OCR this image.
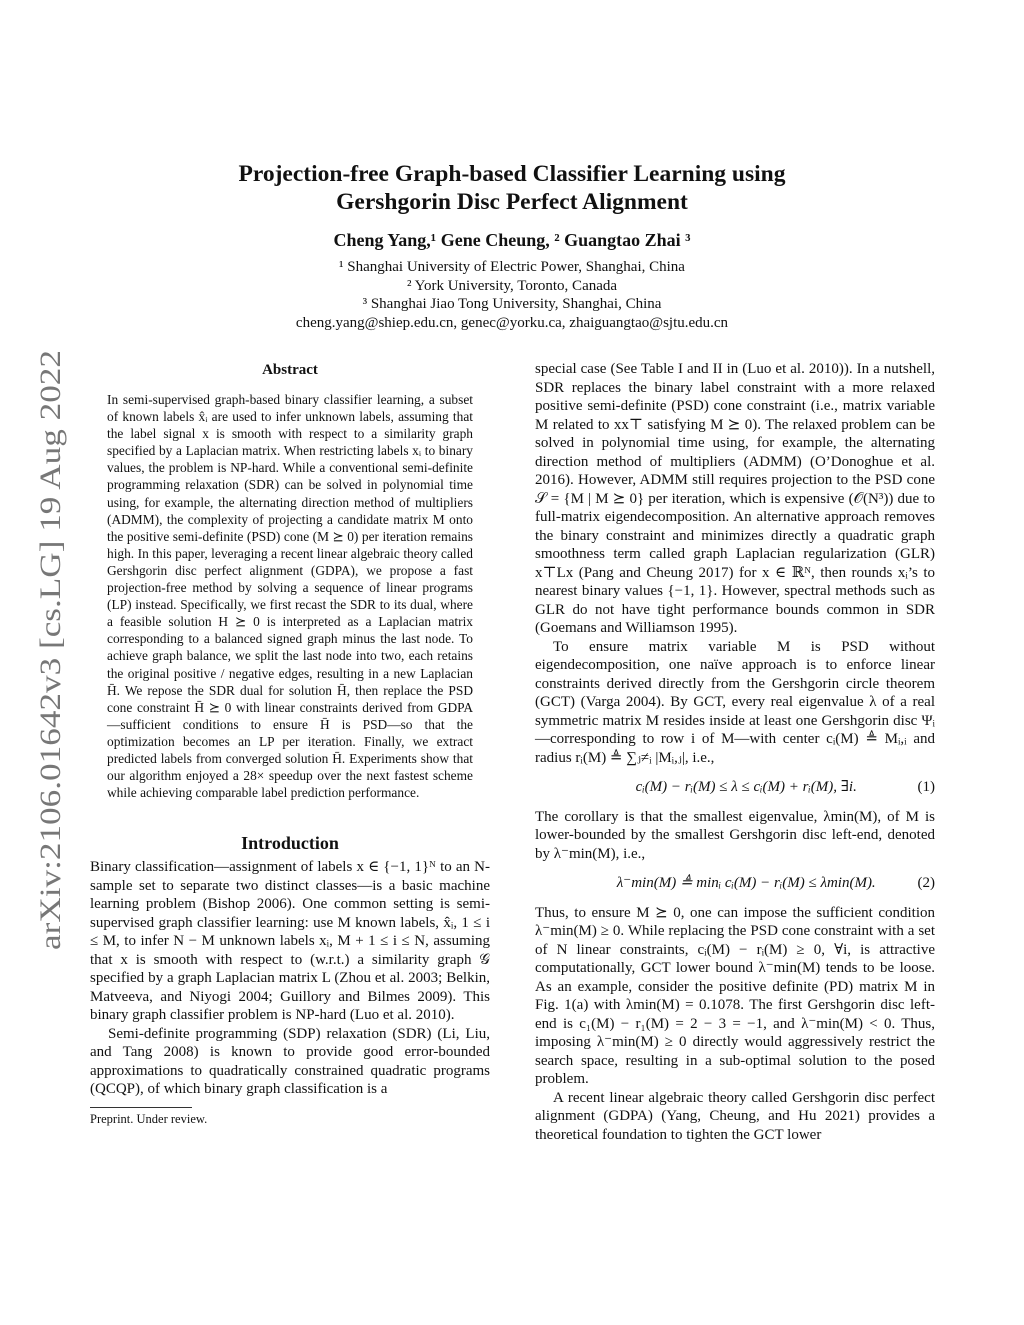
arXiv:2106.01642v3 [cs.LG] 19 Aug 2022
Projection-free Graph-based Classifier Learning using
Gershgorin Disc Perfect Alignment
Cheng Yang,¹ Gene Cheung, ² Guangtao Zhai ³
¹ Shanghai University of Electric Power, Shanghai, China
² York University, Toronto, Canada
³ Shanghai Jiao Tong University, Shanghai, China
cheng.yang@shiep.edu.cn, genec@yorku.ca, zhaiguangtao@sjtu.edu.cn
Abstract

In semi-supervised graph-based binary classifier learning, a subset of known labels x̂ᵢ are used to infer unknown labels, assuming that the label signal x is smooth with respect to a similarity graph specified by a Laplacian matrix. When restricting labels xᵢ to binary values, the problem is NP-hard. While a conventional semi-definite programming relaxation (SDR) can be solved in polynomial time using, for example, the alternating direction method of multipliers (ADMM), the complexity of projecting a candidate matrix M onto the positive semi-definite (PSD) cone (M ⪰ 0) per iteration remains high. In this paper, leveraging a recent linear algebraic theory called Gershgorin disc perfect alignment (GDPA), we propose a fast projection-free method by solving a sequence of linear programs (LP) instead. Specifically, we first recast the SDR to its dual, where a feasible solution H ⪰ 0 is interpreted as a Laplacian matrix corresponding to a balanced signed graph minus the last node. To achieve graph balance, we split the last node into two, each retains the original positive / negative edges, resulting in a new Laplacian H̄. We repose the SDR dual for solution H̄, then replace the PSD cone constraint H̄ ⪰ 0 with linear constraints derived from GDPA—sufficient conditions to ensure H̄ is PSD—so that the optimization becomes an LP per iteration. Finally, we extract predicted labels from converged solution H̄. Experiments show that our algorithm enjoyed a 28× speedup over the next fastest scheme while achieving comparable label prediction performance.

Introduction

Binary classification—assignment of labels x ∈ {−1, 1}ᴺ to an N-sample set to separate two distinct classes—is a basic machine learning problem (Bishop 2006). One common setting is semi-supervised graph classifier learning: use M known labels, x̂ᵢ, 1 ≤ i ≤ M, to infer N − M unknown labels xᵢ, M + 1 ≤ i ≤ N, assuming that x is smooth with respect to (w.r.t.) a similarity graph 𝒢 specified by a graph Laplacian matrix L (Zhou et al. 2003; Belkin, Matveeva, and Niyogi 2004; Guillory and Bilmes 2009). This binary graph classifier problem is NP-hard (Luo et al. 2010).

Semi-definite programming (SDP) relaxation (SDR) (Li, Liu, and Tang 2008) is known to provide good error-bounded approximations to quadratically constrained quadratic programs (QCQP), of which binary graph classification is a

Preprint. Under review.

special case (See Table I and II in (Luo et al. 2010)). In a nutshell, SDR replaces the binary label constraint with a more relaxed positive semi-definite (PSD) cone constraint (i.e., matrix variable M related to xx⊤ satisfying M ⪰ 0). The relaxed problem can be solved in polynomial time using, for example, the alternating direction method of multipliers (ADMM) (O’Donoghue et al. 2016). However, ADMM still requires projection to the PSD cone 𝒮 = {M | M ⪰ 0} per iteration, which is expensive (𝒪(N³)) due to full-matrix eigendecomposition. An alternative approach removes the binary constraint and minimizes directly a quadratic graph smoothness term called graph Laplacian regularization (GLR) x⊤Lx (Pang and Cheung 2017) for x ∈ ℝᴺ, then rounds xᵢ’s to nearest binary values {−1, 1}. However, spectral methods such as GLR do not have tight performance bounds common in SDR (Goemans and Williamson 1995).

To ensure matrix variable M is PSD without eigendecomposition, one naïve approach is to enforce linear constraints derived directly from the Gershgorin circle theorem (GCT) (Varga 2004). By GCT, every real eigenvalue λ of a real symmetric matrix M resides inside at least one Gershgorin disc Ψᵢ—corresponding to row i of M—with center cᵢ(M) ≜ Mᵢ,ᵢ and radius rᵢ(M) ≜ ∑ⱼ≠ᵢ |Mᵢ,ⱼ|, i.e.,

cᵢ(M) − rᵢ(M) ≤ λ ≤ cᵢ(M) + rᵢ(M), ∃i.	(1)

The corollary is that the smallest eigenvalue, λmin(M), of M is lower-bounded by the smallest Gershgorin disc left-end, denoted by λ⁻min(M), i.e.,

λ⁻min(M) ≜ minᵢ cᵢ(M) − rᵢ(M) ≤ λmin(M).	(2)

Thus, to ensure M ⪰ 0, one can impose the sufficient condition λ⁻min(M) ≥ 0. While replacing the PSD cone constraint with a set of N linear constraints, cᵢ(M) − rᵢ(M) ≥ 0, ∀i, is attractive computationally, GCT lower bound λ⁻min(M) tends to be loose. As an example, consider the positive definite (PD) matrix M in Fig. 1(a) with λmin(M) = 0.1078. The first Gershgorin disc left-end is c₁(M) − r₁(M) = 2 − 3 = −1, and λ⁻min(M) < 0. Thus, imposing λ⁻min(M) ≥ 0 directly would aggressively restrict the search space, resulting in a sub-optimal solution to the posed problem.

A recent linear algebraic theory called Gershgorin disc perfect alignment (GDPA) (Yang, Cheung, and Hu 2021) provides a theoretical foundation to tighten the GCT lower
